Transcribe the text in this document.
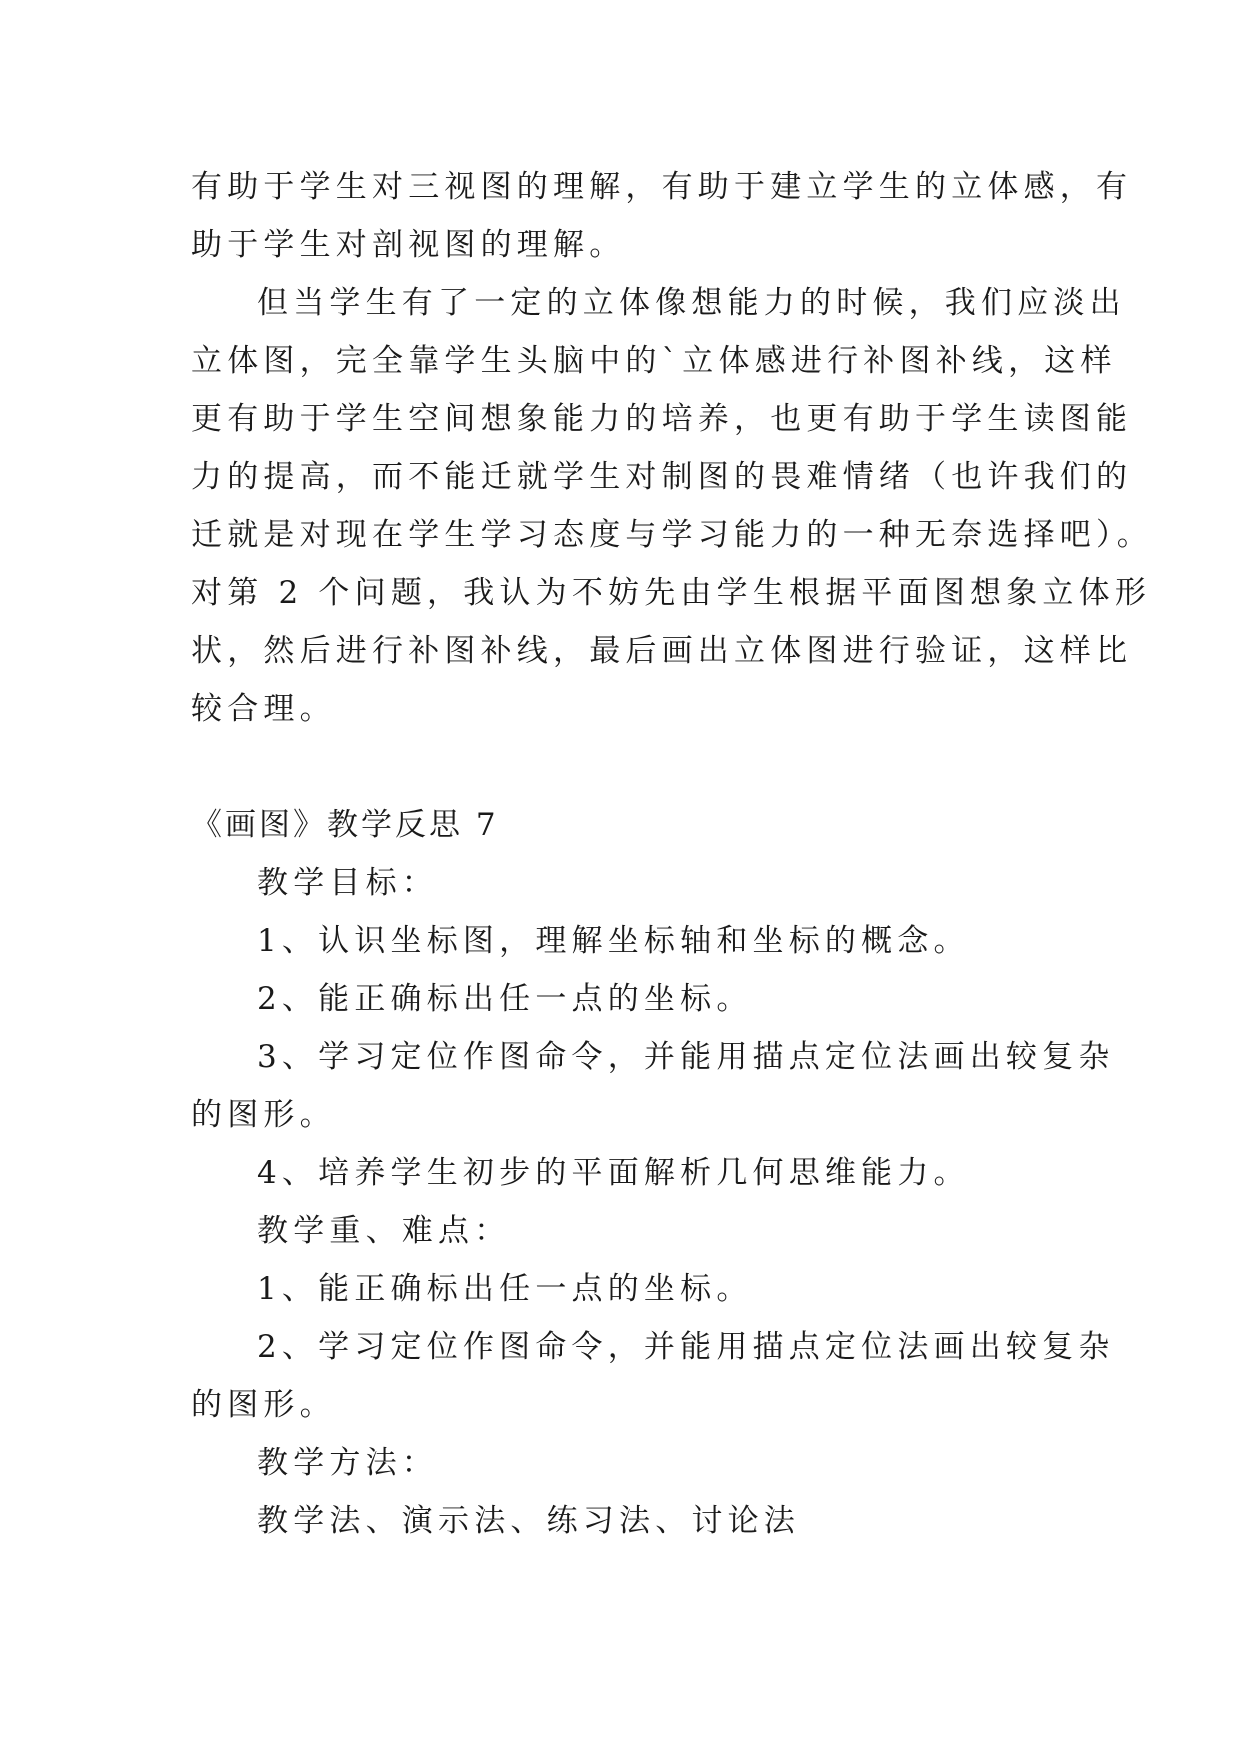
有助于学生对三视图的理解，有助于建立学生的立体感，有
助于学生对剖视图的理解。
但当学生有了一定的立体像想能力的时候，我们应淡出
立体图，完全靠学生头脑中的`立体感进行补图补线，这样
更有助于学生空间想象能力的培养，也更有助于学生读图能
力的提高，而不能迁就学生对制图的畏难情绪（也许我们的
迁就是对现在学生学习态度与学习能力的一种无奈选择吧）。
对第 2 个问题，我认为不妨先由学生根据平面图想象立体形
状，然后进行补图补线，最后画出立体图进行验证，这样比
较合理。
《画图》教学反思 7
教学目标：
1、认识坐标图，理解坐标轴和坐标的概念。
2、能正确标出任一点的坐标。
3、学习定位作图命令，并能用描点定位法画出较复杂
的图形。
4、培养学生初步的平面解析几何思维能力。
教学重、难点：
1、能正确标出任一点的坐标。
2、学习定位作图命令，并能用描点定位法画出较复杂
的图形。
教学方法：
教学法、演示法、练习法、讨论法
